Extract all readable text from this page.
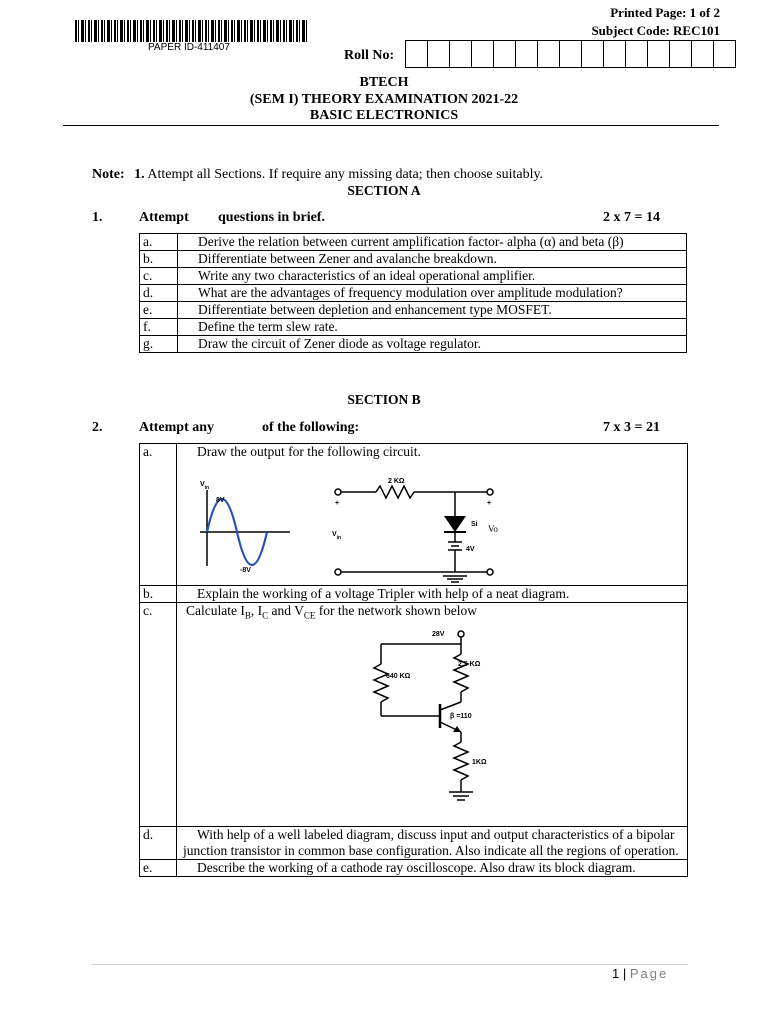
PAPER ID-411407
Printed Page: 1 of 2
Subject Code: REC101
Roll No:
BTECH
(SEM I) THEORY EXAMINATION 2021-22
BASIC ELECTRONICS
Note: 1. Attempt all Sections. If require any missing data; then choose suitably.
SECTION A
1.	Attempt questions in brief.	2 x 7 = 14
a.	Derive the relation between current amplification factor- alpha (α) and beta (β)
b.	Differentiate between Zener and avalanche breakdown.
c.	Write any two characteristics of an ideal operational amplifier.
d.	What are the advantages of frequency modulation over amplitude modulation?
e.	Differentiate between depletion and enhancement type MOSFET.
f.	Define the term slew rate.
g.	Draw the circuit of Zener diode as voltage regulator.
SECTION B
2.	Attempt any	of the following:	7 x 3 = 21
a.	Draw the output for the following circuit.
b.	Explain the working of a voltage Tripler with help of a neat diagram.
c.	Calculate $I_B$, $I_C$ and $V_{CE}$ for the network shown below
d.	With help of a well labeled diagram, discuss input and output characteristics of a bipolar junction transistor in common base configuration. Also indicate all the regions of operation.
e.	Describe the working of a cathode ray oscilloscope. Also draw its block diagram.
$V_{in}$
8V
-8V
2 KΩ
+	+
Si
4V
$V_{in}$
Vo
28V
640 KΩ
2.5 KΩ
β =110
1KΩ
1 | Page
